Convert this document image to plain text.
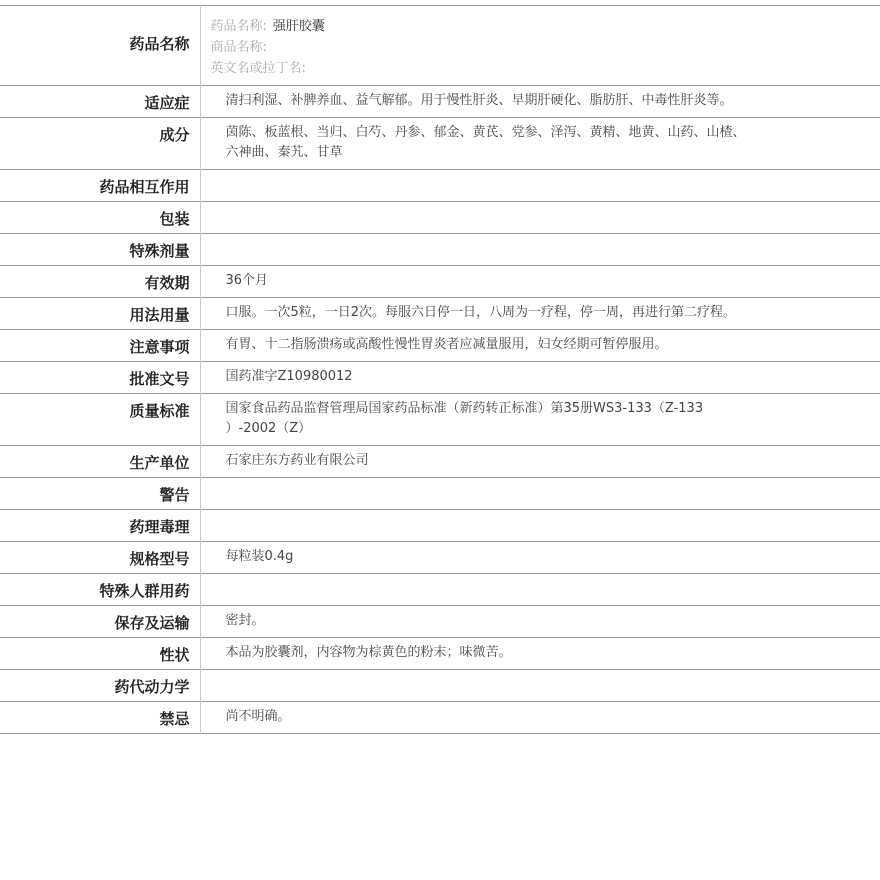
药品名称	药品名称: 强肝胶囊
商品名称:
英文名或拉丁名:

适应症	清扫利湿、补脾养血、益气解郁。用于慢性肝炎、早期肝硬化、脂肪肝、中毒性肝炎等。
成分	茵陈、板蓝根、当归、白芍、丹参、郁金、黄芪、党参、泽泻、黄精、地黄、山药、山楂、
六神曲、秦艽、甘草

药品相互作用	
包装	
特殊剂量	
有效期	36个月
用法用量	口服。一次5粒，一日2次。每服六日停一日，八周为一疗程，停一周，再进行第二疗程。
注意事项	有胃、十二指肠溃疡或高酸性慢性胃炎者应减量服用，妇女经期可暂停服用。
批准文号	国药准字Z10980012
质量标准	国家食品药品监督管理局国家药品标准（新药转正标准）第35册WS3-133（Z-133
）-2002（Z）

生产单位	石家庄东方药业有限公司
警告	
药理毒理	
规格型号	每粒装0.4g
特殊人群用药	
保存及运输	密封。
性状	本品为胶囊剂，内容物为棕黄色的粉末；味微苦。
药代动力学	
禁忌	尚不明确。
